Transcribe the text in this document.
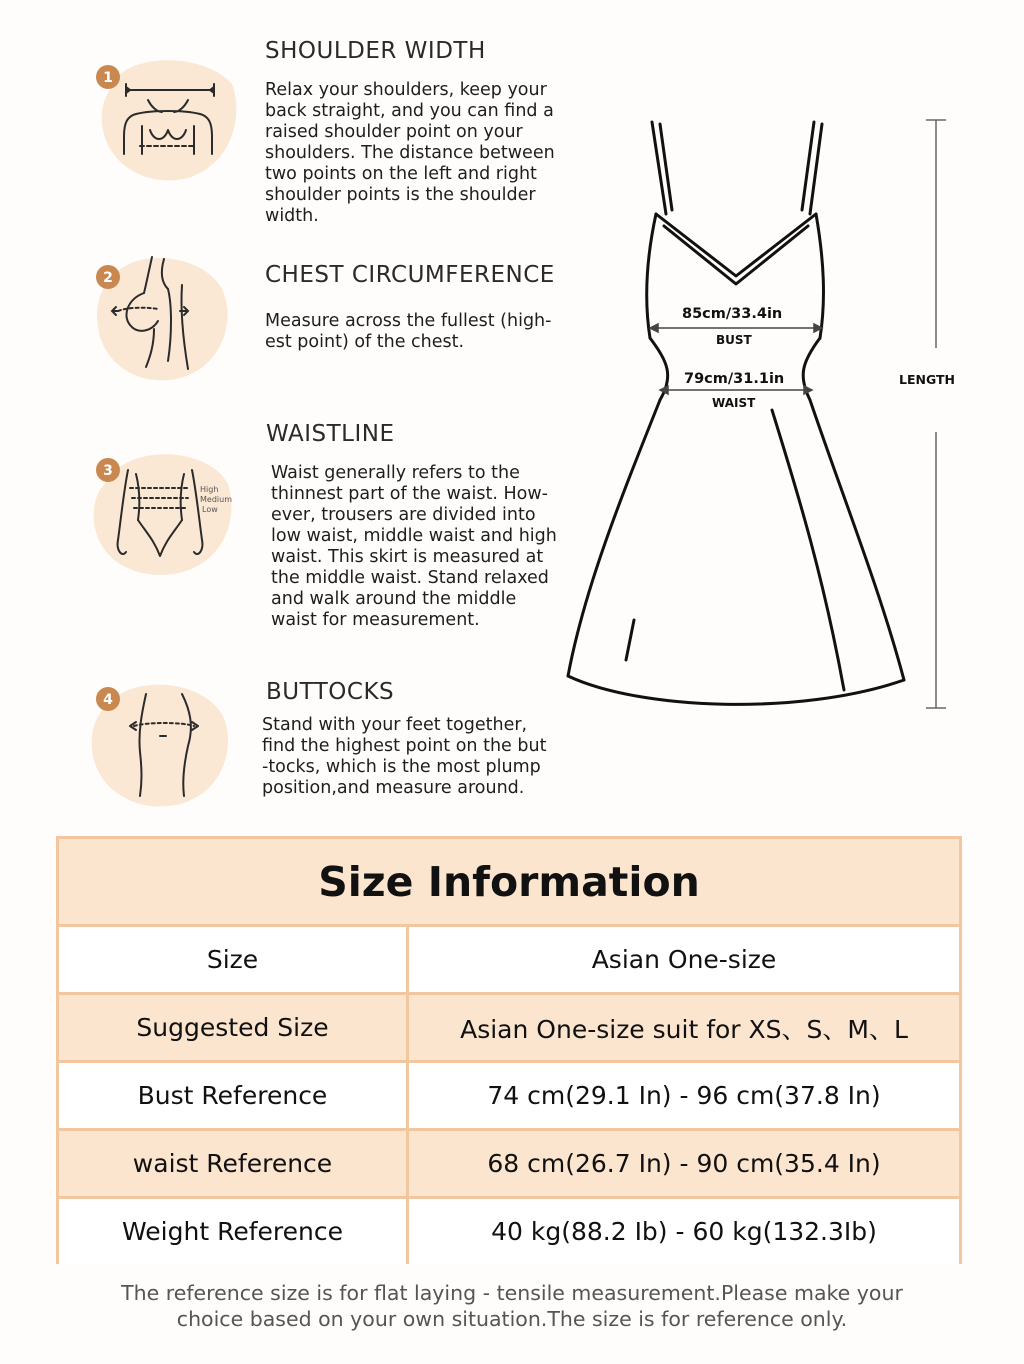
1
SHOULDER WIDTH
Relax your shoulders, keep your
back straight, and you can find a
raised shoulder point on your
shoulders. The distance between
two points on the left and right
shoulder points is the shoulder
width.
2	CHEST CIRCUMFERENCE
Measure across the fullest (high-
est point) of the chest.
High
Medium
Low
3
WAISTLINE
Waist generally refers to the
thinnest part of the waist. How-
ever, trousers are divided into
low waist, middle waist and high
waist. This skirt is measured at
the middle waist. Stand relaxed
and walk around the middle
waist for measurement.
4	BUTTOCKS
Stand with your feet together,
find the highest point on the but
-tocks, which is the most plump
position,and measure around.
85cm/33.4in
BUST
79cm/31.1in
WAIST
LENGTH
Size Information
Size	Asian One-size
Suggested Size	Asian One-size suit for XS、S、M、L
Bust Reference	74 cm(29.1 In) - 96 cm(37.8 In)
waist Reference	68 cm(26.7 In) - 90 cm(35.4 In)
Weight Reference	40 kg(88.2 Ib) - 60 kg(132.3Ib)
The reference size is for flat laying - tensile measurement.Please make your
choice based on your own situation.The size is for reference only.
